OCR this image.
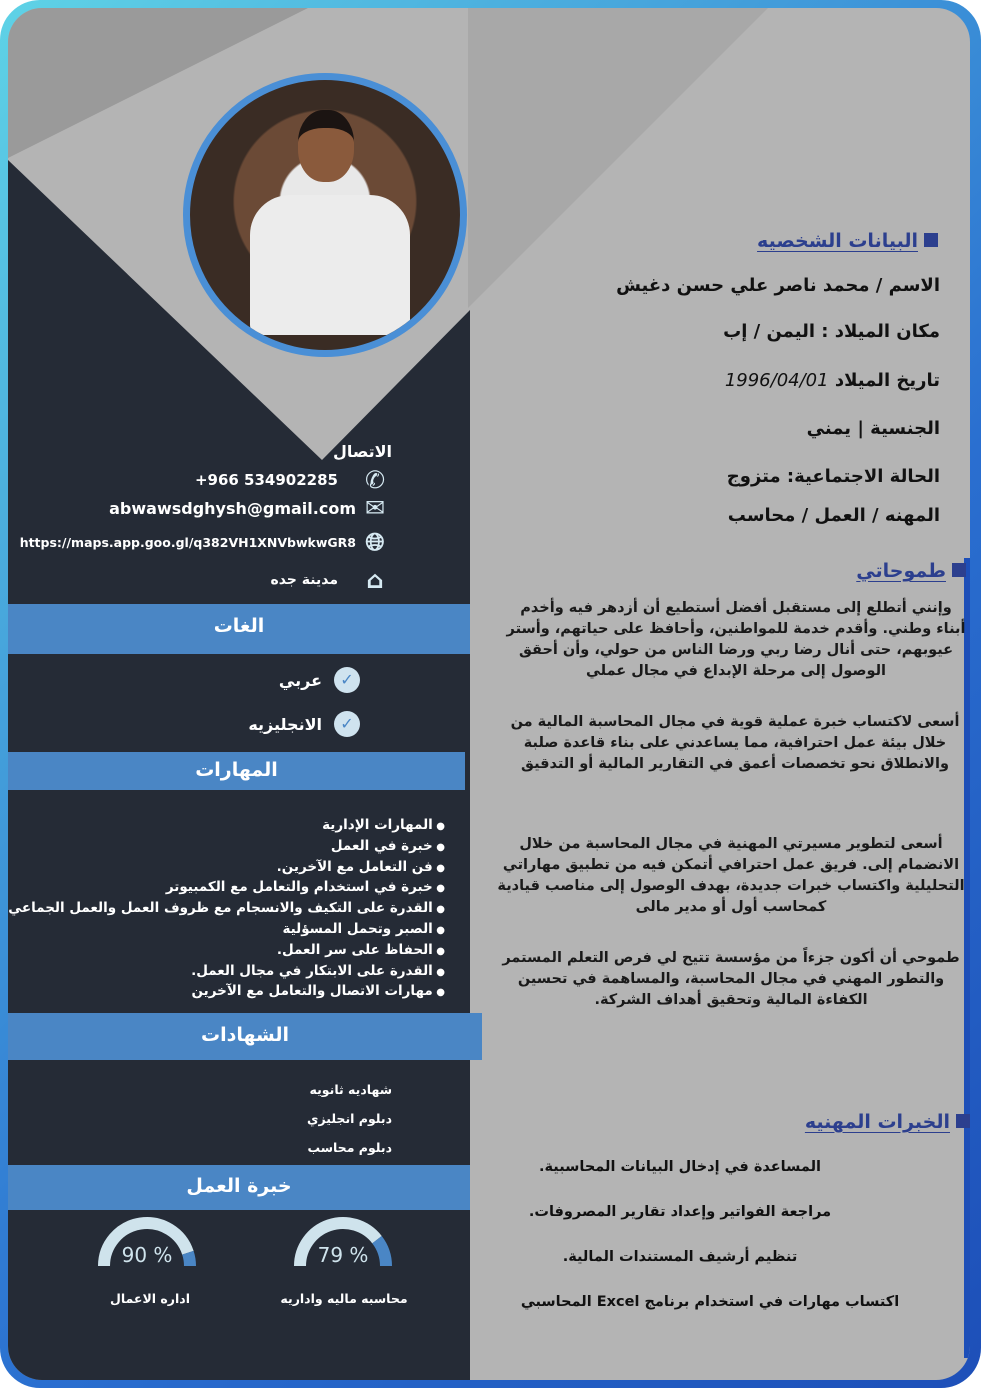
الاتصال
+966 534902285 ✆
abwawsdghysh@gmail.com ✉
https://maps.app.goo.gl/q382VH1XNVbwkwGR8 🌐︎
مدينة جده ⌂
الغات
✓
عربي
✓
الانجليزيه
المهارات
● المهارات الإدارية
● خبرة في العمل
● فن التعامل مع الآخرين.
● خبرة في استخدام والتعامل مع الكمبيوتر
● القدرة على التكيف والانسجام مع ظروف العمل والعمل الجماعي
● الصبر وتحمل المسؤلية
● الحفاظ على سر العمل.
● القدرة على الابتكار في مجال العمل.
● مهارات الاتصال والتعامل مع الآخرين
الشهادات
شهاديه ثانويه
دبلوم انجليزي
دبلوم محاسب
خبرة العمل
79 %
90 %
محاسبه ماليه واداريه
اداره الاعمال
البيانات الشخصيه
الاسم / محمد ناصر علي حسن دغيش
مكان الميلاد : اليمن / إب
تاريخ الميلاد 1996/04/01
الجنسية | يمني
الحالة الاجتماعية: متزوج
المهنه / العمل / محاسب
طموحاتي
وإنني أتطلع إلى مستقبل أفضل أستطيع أن أزدهر فيه وأخدم أبناء وطني. وأقدم خدمة للمواطنين، وأحافظ على حياتهم، وأستر عيوبهم، حتى أنال رضا ربي ورضا الناس من حولي، وأن أحقق الوصول إلى مرحلة الإبداع في مجال عملي
أسعى لاكتساب خبرة عملية قوية في مجال المحاسبة المالية من خلال بيئة عمل احترافية، مما يساعدني على بناء قاعدة صلبة والانطلاق نحو تخصصات أعمق في التقارير المالية أو التدقيق
أسعى لتطوير مسيرتي المهنية في مجال المحاسبة من خلال الانضمام إلى. فريق عمل احترافي أتمكن فيه من تطبيق مهاراتي التحليلية واكتساب خبرات جديدة، بهدف الوصول إلى مناصب قيادية كمحاسب أول أو مدير مالى
طموحي أن أكون جزءاً من مؤسسة تتيح لي فرص التعلم المستمر والتطور المهني في مجال المحاسبة، والمساهمة في تحسين الكفاءة المالية وتحقيق أهداف الشركة.
الخبرات المهنيه
المساعدة في إدخال البيانات المحاسبية.
مراجعة الفواتير وإعداد تقارير المصروفات.
تنظيم أرشيف المستندات المالية.
اكتساب مهارات في استخدام برنامج Excel المحاسبي
